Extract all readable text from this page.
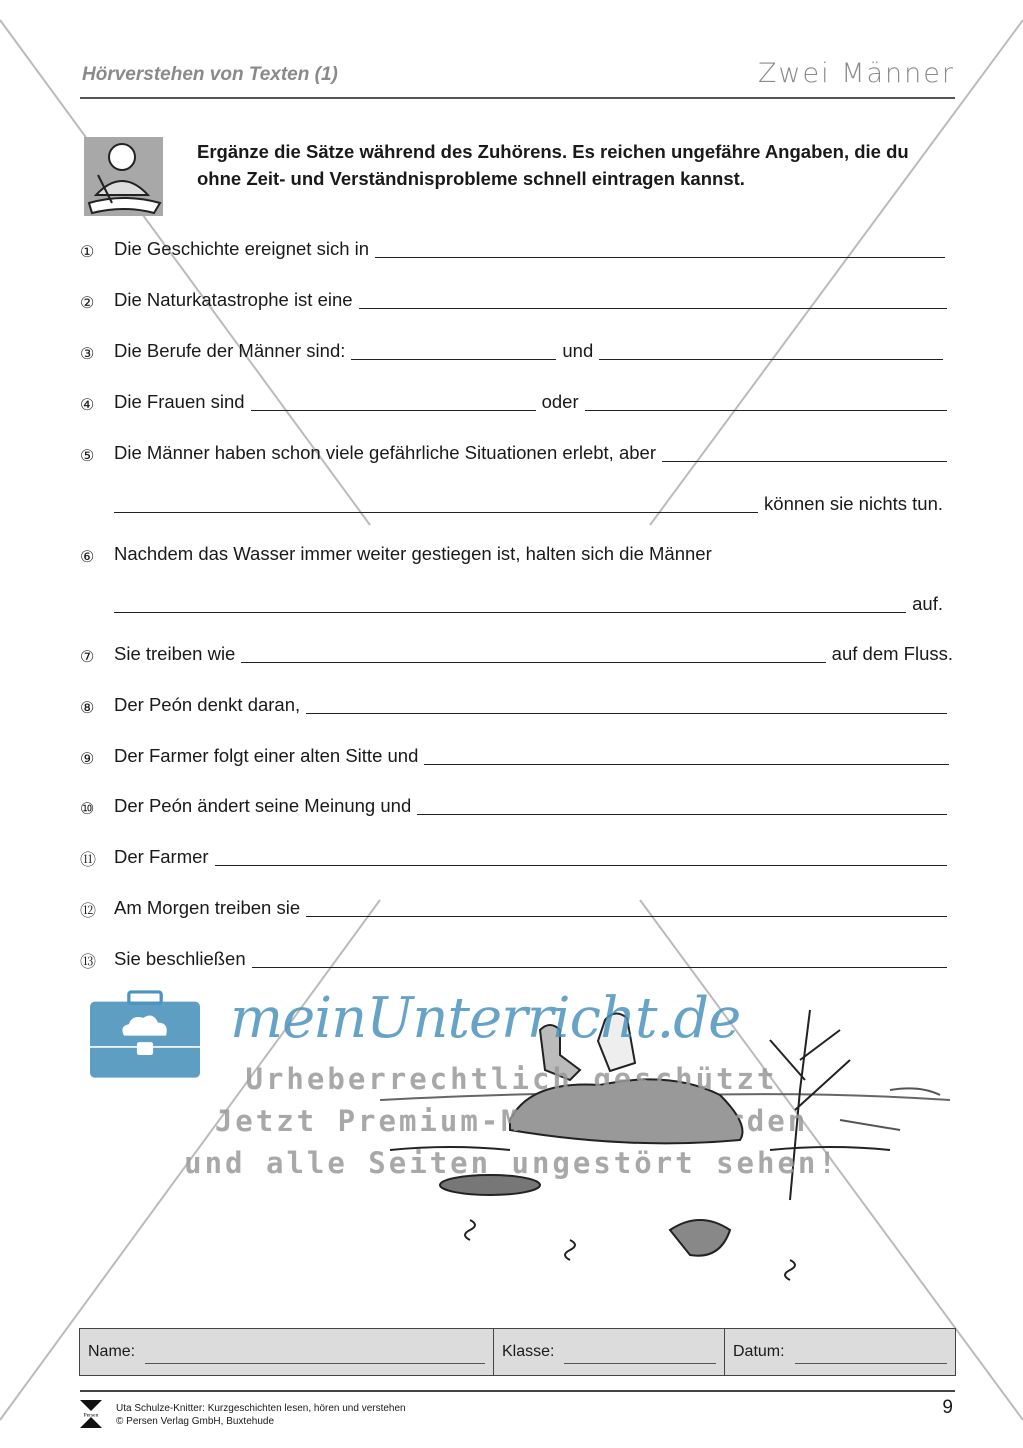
Hörverstehen von Texten (1)	Zwei Männer
Ergänze die Sätze während des Zuhörens. Es reichen ungefähre Angaben, die du ohne Zeit- und Verständnisprobleme schnell eintragen kannst.
①	Die Geschichte ereignet sich in
②	Die Naturkatastrophe ist eine
③	Die Berufe der Männer sind:	und
④	Die Frauen sind	oder
⑤	Die Männer haben schon viele gefährliche Situationen erlebt, aber
können sie nichts tun.
⑥	Nachdem das Wasser immer weiter gestiegen ist, halten sich die Männer
auf.
⑦	Sie treiben wie	auf dem Fluss.
⑧	Der Peón denkt daran,
⑨	Der Farmer folgt einer alten Sitte und
⑩	Der Peón ändert seine Meinung und
⑪ Der Farmer
⑫ Am Morgen treiben sie
⑬ Sie beschließen
meinUnterricht.de
Urheberrechtlich geschützt
Jetzt Premium-Mitglied werden
und alle Seiten ungestört sehen!
Name:	Klasse:	Datum:
Persen
Uta Schulze-Knitter: Kurzgeschichten lesen, hören und verstehen
© Persen Verlag GmbH, Buxtehude
9
